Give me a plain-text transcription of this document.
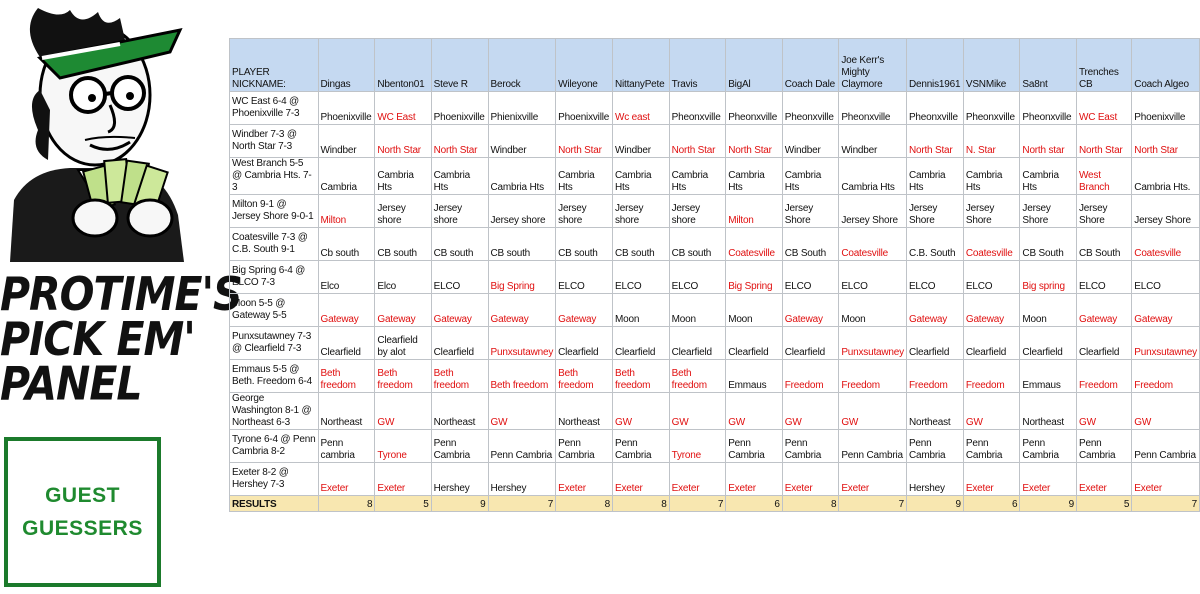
PROTIME'S
PICK EM'
PANEL
GUEST
GUESSERS
PLAYER NICKNAME:	Dingas	Nbenton01	Steve R	Berock	Wileyone	NittanyPete	Travis	BigAl	Coach Dale	Joe Kerr's Mighty Claymore	Dennis1961	VSNMike	Sa8nt	Trenches CB	Coach Algeo
WC East 6-4 @ Phoenixville 7-3	Phoenixville	WC East	Phoenixville	Phienixville	Phoenixville	Wc east	Pheonxville	Pheonxville	Pheonxville	Pheonxville	Pheonxville	Pheonxville	Pheonxville	WC East	Phoenixville
Windber 7-3 @ North Star 7-3	Windber	North Star	North Star	Windber	North Star	Windber	North Star	North Star	Windber	Windber	North Star	N. Star	North star	North Star	North Star
West Branch 5-5 @ Cambria Hts. 7-3	Cambria	Cambria Hts	Cambria Hts	Cambria Hts	Cambria Hts	Cambria Hts	Cambria Hts	Cambria Hts	Cambria Hts	Cambria Hts	Cambria Hts	Cambria Hts	Cambria Hts	West Branch	Cambria Hts.
Milton 9-1 @ Jersey Shore 9-0-1	Milton	Jersey shore	Jersey shore	Jersey shore	Jersey shore	Jersey shore	Jersey shore	Milton	Jersey Shore	Jersey Shore	Jersey Shore	Jersey Shore	Jersey Shore	Jersey Shore	Jersey Shore
Coatesville 7-3 @ C.B. South 9-1	Cb south	CB south	CB south	CB south	CB south	CB south	CB south	Coatesville	CB South	Coatesville	C.B. South	Coatesville	CB South	CB South	Coatesville
Big Spring 6-4 @ ELCO 7-3	Elco	Elco	ELCO	Big Spring	ELCO	ELCO	ELCO	Big Spring	ELCO	ELCO	ELCO	ELCO	Big spring	ELCO	ELCO
Moon 5-5 @ Gateway 5-5	Gateway	Gateway	Gateway	Gateway	Gateway	Moon	Moon	Moon	Gateway	Moon	Gateway	Gateway	Moon	Gateway	Gateway
Punxsutawney 7-3 @ Clearfield 7-3	Clearfield	Clearfield by alot	Clearfield	Punxsutawney	Clearfield	Clearfield	Clearfield	Clearfield	Clearfield	Punxsutawney	Clearfield	Clearfield	Clearfield	Clearfield	Punxsutawney
Emmaus 5-5 @ Beth. Freedom 6-4	Beth freedom	Beth freedom	Beth freedom	Beth freedom	Beth freedom	Beth freedom	Beth freedom	Emmaus	Freedom	Freedom	Freedom	Freedom	Emmaus	Freedom	Freedom
George Washington 8-1 @ Northeast 6-3	Northeast	GW	Northeast	GW	Northeast	GW	GW	GW	GW	GW	Northeast	GW	Northeast	GW	GW
Tyrone 6-4 @ Penn Cambria 8-2	Penn cambria	Tyrone	Penn Cambria	Penn Cambria	Penn Cambria	Penn Cambria	Tyrone	Penn Cambria	Penn Cambria	Penn Cambria	Penn Cambria	Penn Cambria	Penn Cambria	Penn Cambria	Penn Cambria
Exeter 8-2 @ Hershey 7-3	Exeter	Exeter	Hershey	Hershey	Exeter	Exeter	Exeter	Exeter	Exeter	Exeter	Hershey	Exeter	Exeter	Exeter	Exeter
RESULTS	8	5	9	7	8	8	7	6	8	7	9	6	9	5	7
